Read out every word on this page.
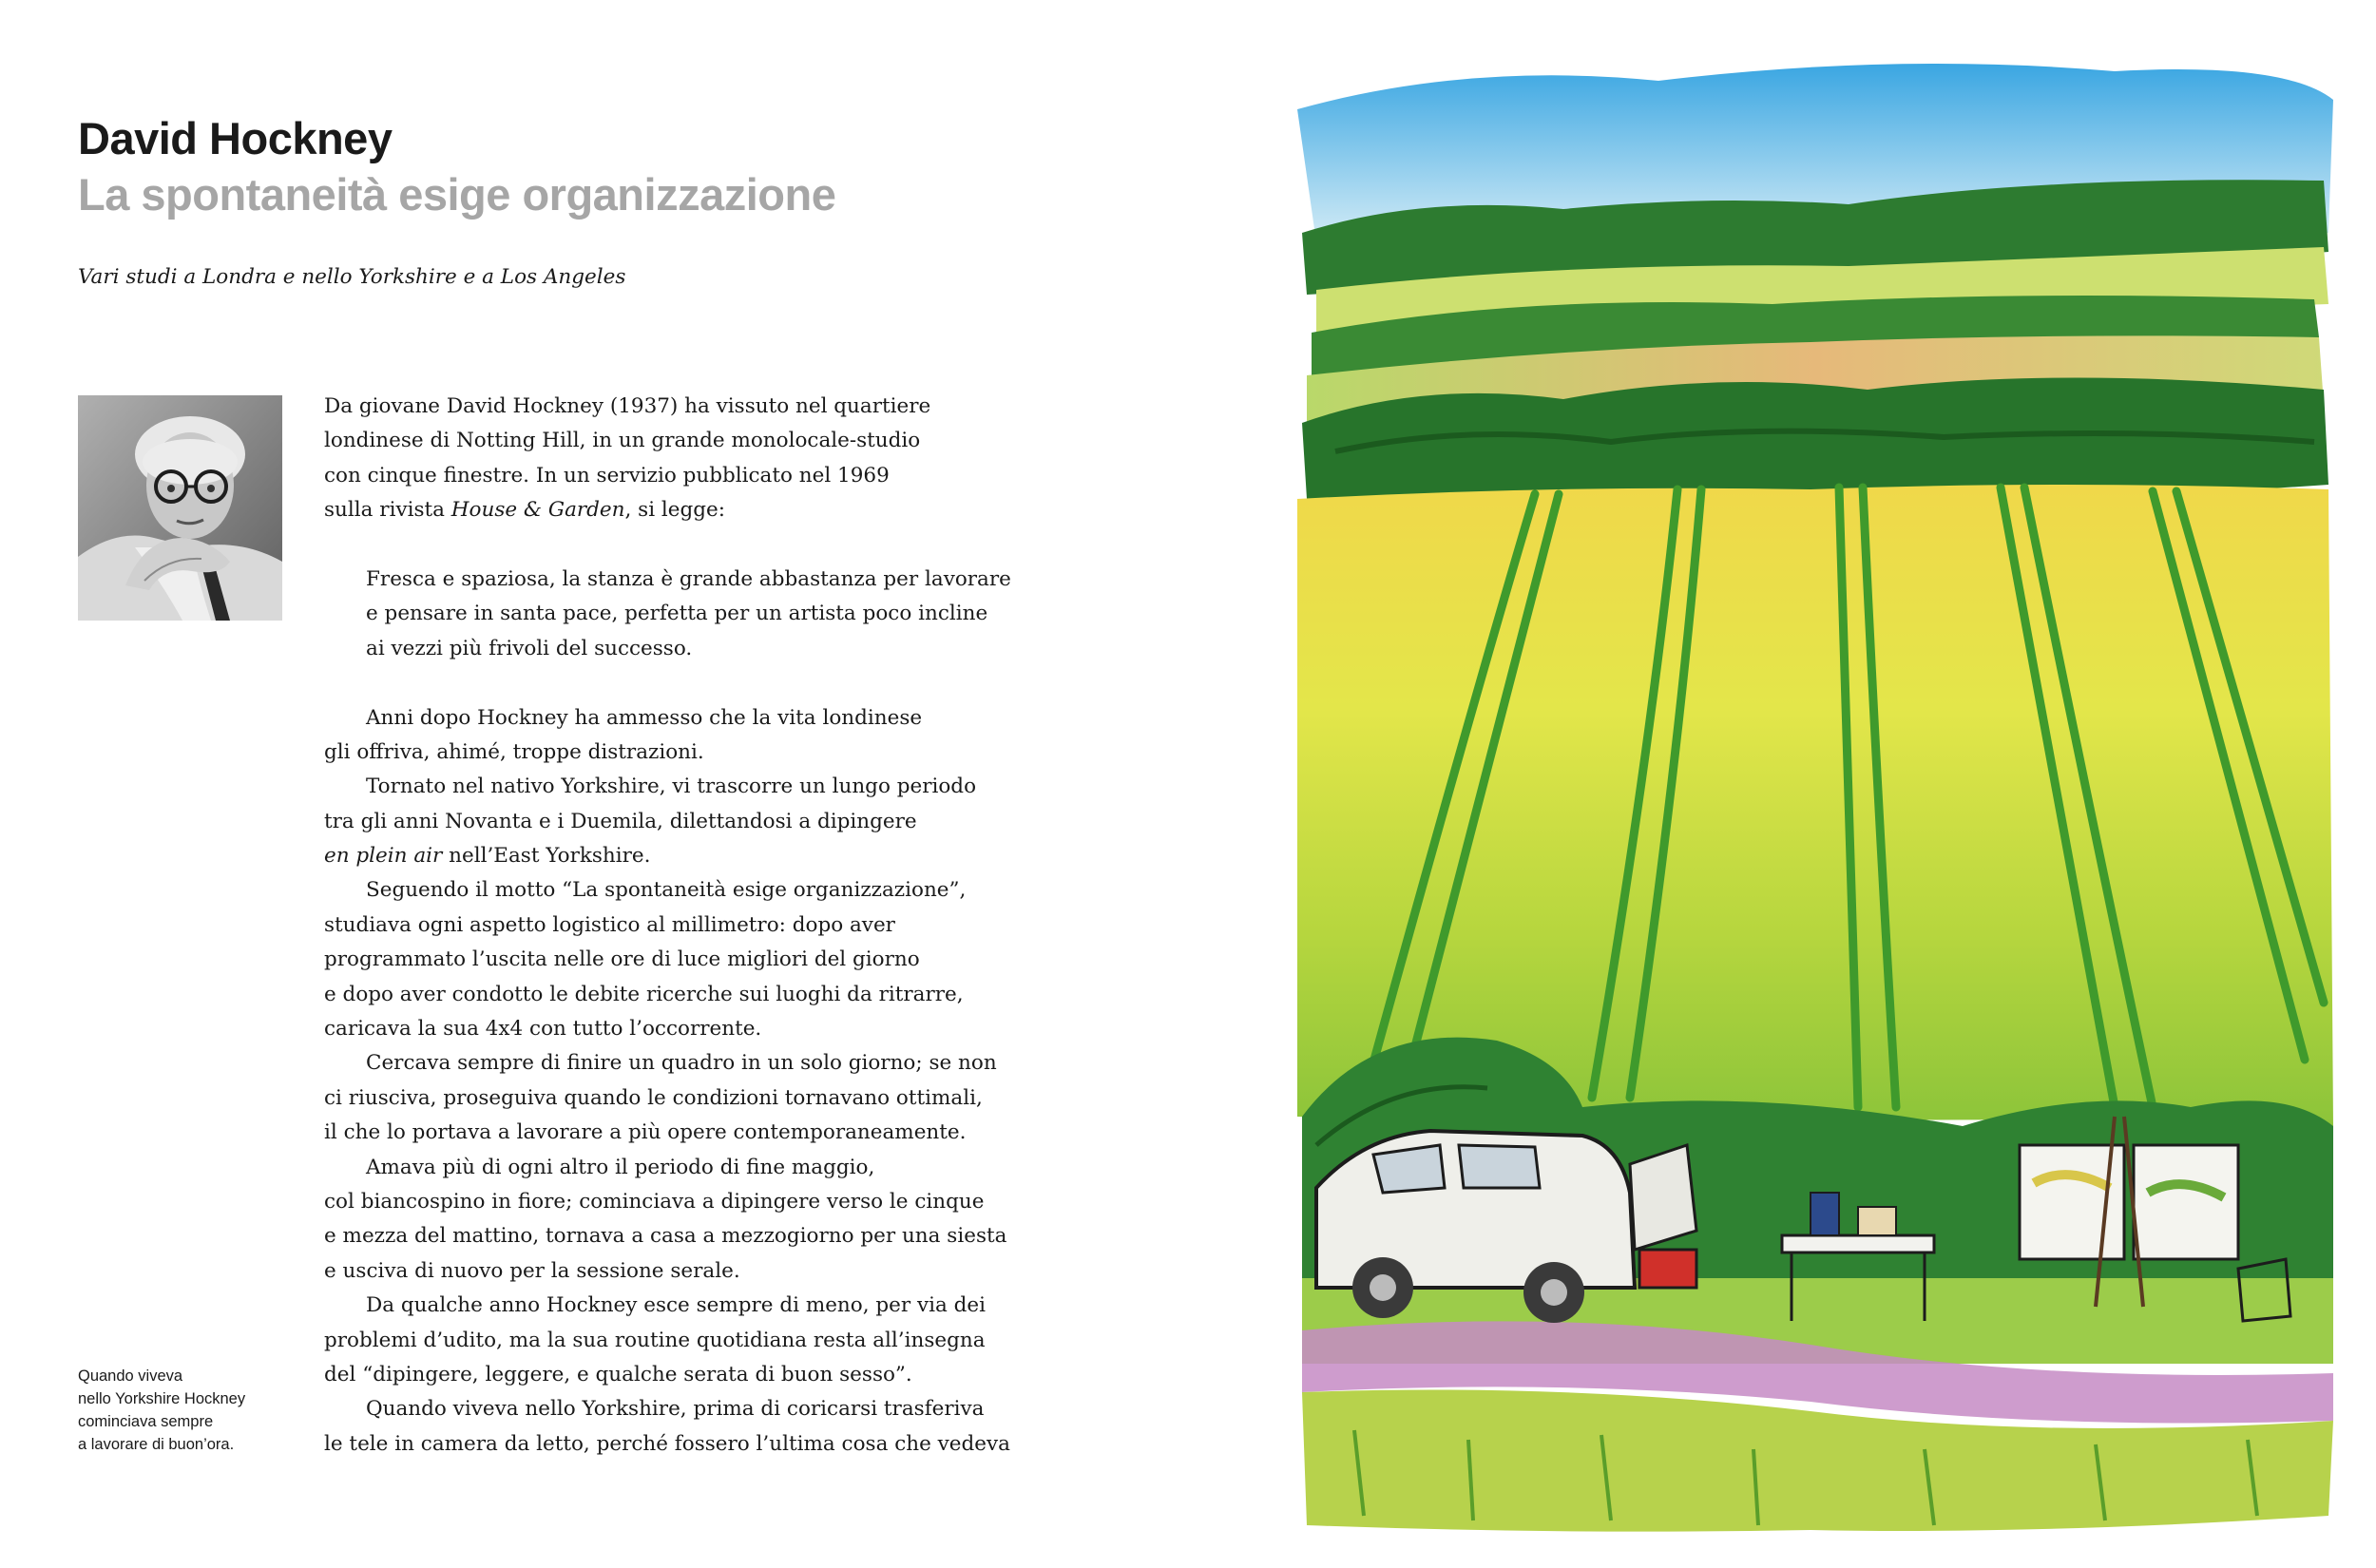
David Hockney
La spontaneità esige organizzazione
Vari studi a Londra e nello Yorkshire e a Los Angeles
Quando viveva
nello Yorkshire Hockney
cominciava sempre
a lavorare di buon’ora.
Da giovane David Hockney (1937) ha vissuto nel quartiere
londinese di Notting Hill, in un grande monolocale-studio
con cinque finestre. In un servizio pubblicato nel 1969
sulla rivista House & Garden, si legge:
Fresca e spaziosa, la stanza è grande abbastanza per lavorare
e pensare in santa pace, perfetta per un artista poco incline
ai vezzi più frivoli del successo.
Anni dopo Hockney ha ammesso che la vita londinese
gli offriva, ahimé, troppe distrazioni.
Tornato nel nativo Yorkshire, vi trascorre un lungo periodo
tra gli anni Novanta e i Duemila, dilettandosi a dipingere
en plein air nell’East Yorkshire.
Seguendo il motto “La spontaneità esige organizzazione”,
studiava ogni aspetto logistico al millimetro: dopo aver
programmato l’uscita nelle ore di luce migliori del giorno
e dopo aver condotto le debite ricerche sui luoghi da ritrarre,
caricava la sua 4x4 con tutto l’occorrente.
Cercava sempre di finire un quadro in un solo giorno; se non
ci riusciva, proseguiva quando le condizioni tornavano ottimali,
il che lo portava a lavorare a più opere contemporaneamente.
Amava più di ogni altro il periodo di fine maggio,
col biancospino in fiore; cominciava a dipingere verso le cinque
e mezza del mattino, tornava a casa a mezzogiorno per una siesta
e usciva di nuovo per la sessione serale.
Da qualche anno Hockney esce sempre di meno, per via dei
problemi d’udito, ma la sua routine quotidiana resta all’insegna
del “dipingere, leggere, e qualche serata di buon sesso”.
Quando viveva nello Yorkshire, prima di coricarsi trasferiva
le tele in camera da letto, perché fossero l’ultima cosa che vedeva
